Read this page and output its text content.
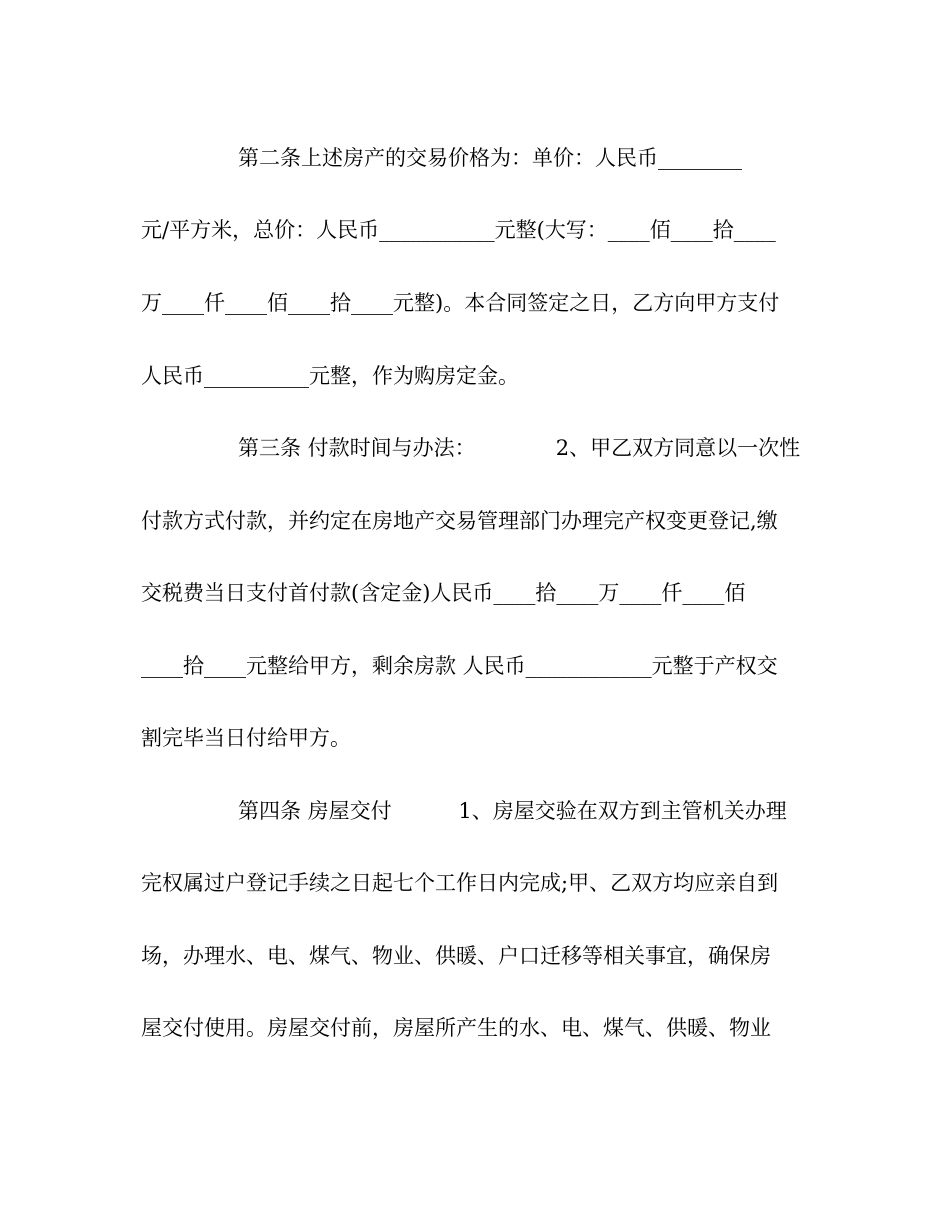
第二条上述房产的交易价格为：单价：人民币________
元/平方米，总价：人民币___________元整(大写：____佰____拾____
万____仟____佰____拾____元整)。本合同签定之日，乙方向甲方支付
人民币__________元整，作为购房定金。
第三条 付款时间与办法：            2、甲乙双方同意以一次性
付款方式付款，并约定在房地产交易管理部门办理完产权变更登记,缴
交税费当日支付首付款(含定金)人民币____拾____万____仟____佰
____拾____元整给甲方，剩余房款 人民币____________元整于产权交
割完毕当日付给甲方。
第四条 房屋交付          1、房屋交验在双方到主管机关办理
完权属过户登记手续之日起七个工作日内完成;甲、乙双方均应亲自到
场，办理水、电、煤气、物业、供暖、户口迁移等相关事宜，确保房
屋交付使用。房屋交付前，房屋所产生的水、电、煤气、供暖、物业
